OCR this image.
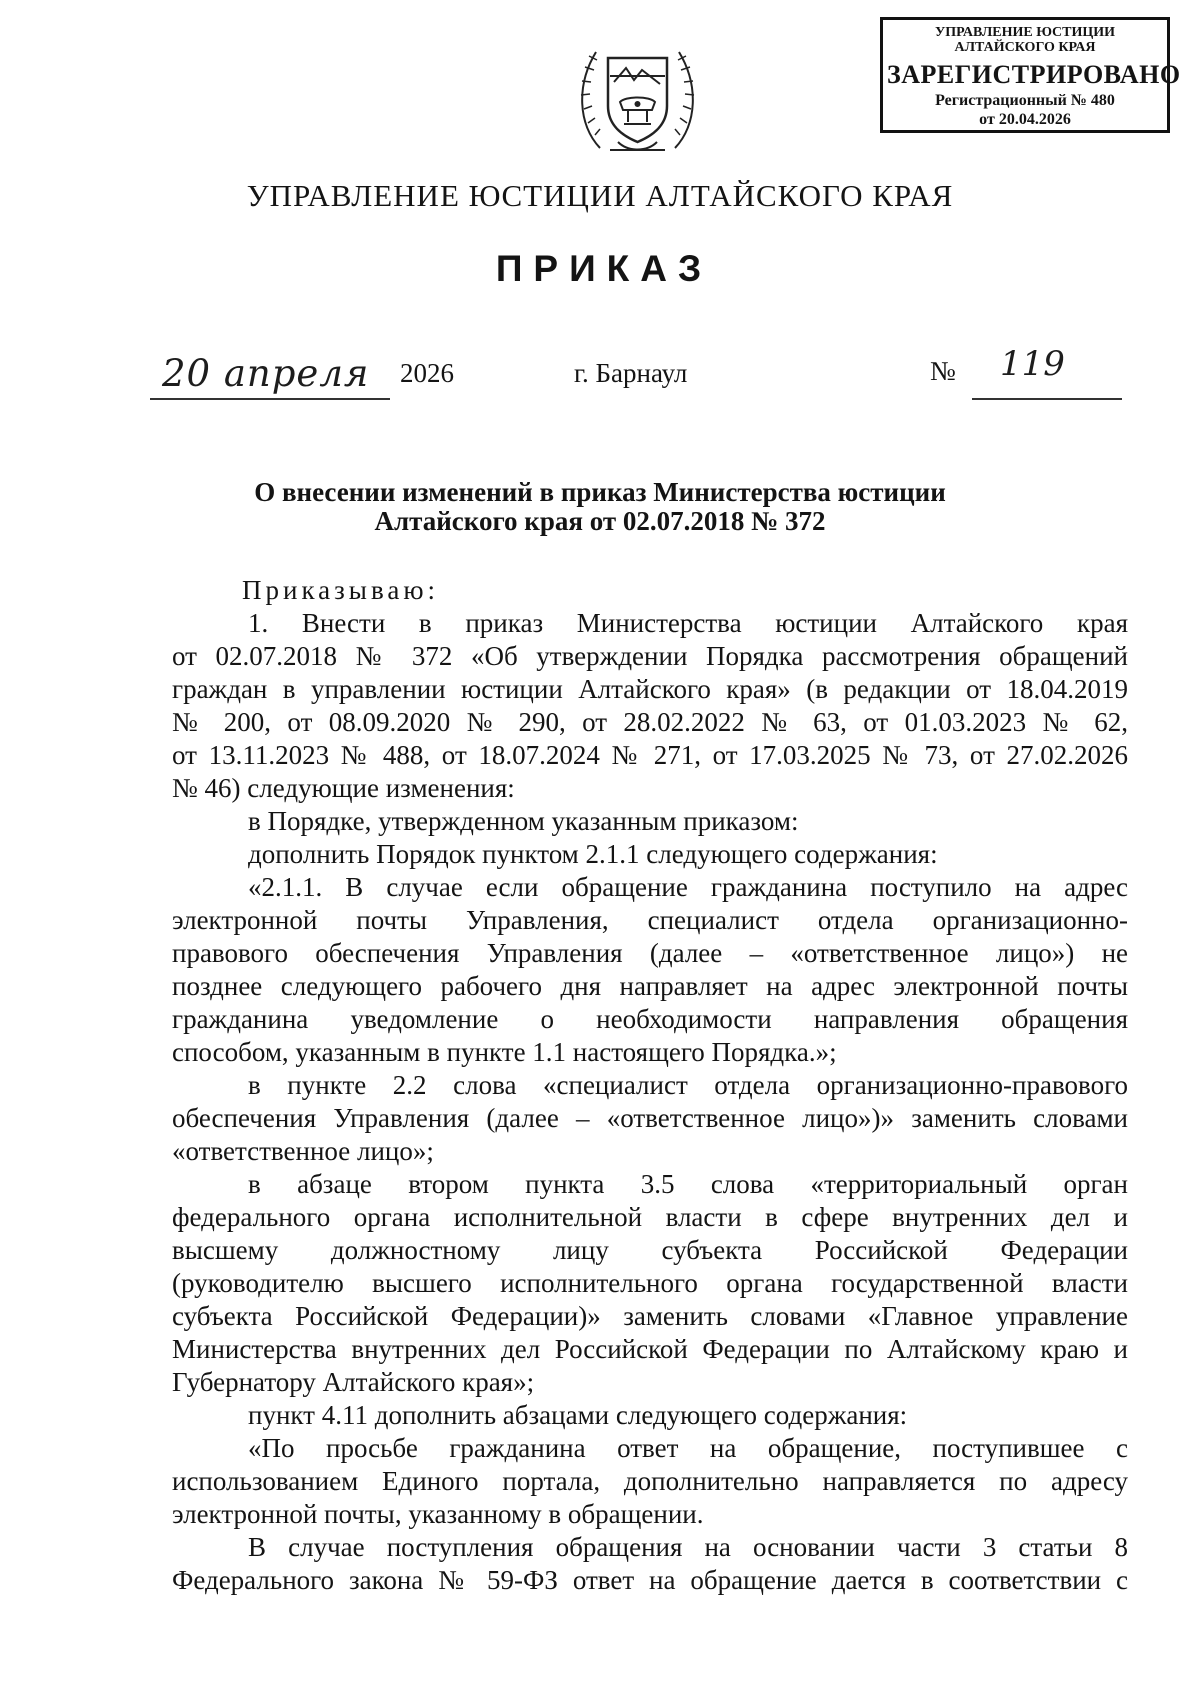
УПРАВЛЕНИЕ ЮСТИЦИИ
АЛТАЙСКОГО КРАЯ
ЗАРЕГИСТРИРОВАНО
Регистрационный № 480
от 20.04.2026
УПРАВЛЕНИЕ ЮСТИЦИИ АЛТАЙСКОГО КРАЯ
ПРИКАЗ
20 апреля 2026	г. Барнаул	№ 119
О внесении изменений в приказ Министерства юстиции
Алтайского края от 02.07.2018 № 372

Приказываю:

1. Внести в приказ Министерства юстиции Алтайского края

от 02.07.2018 № 372 «Об утверждении Порядка рассмотрения обращений

граждан в управлении юстиции Алтайского края» (в редакции от 18.04.2019

№ 200, от 08.09.2020 № 290, от 28.02.2022 № 63, от 01.03.2023 № 62,

от 13.11.2023 № 488, от 18.07.2024 № 271, от 17.03.2025 № 73, от 27.02.2026

№ 46) следующие изменения:

в Порядке, утвержденном указанным приказом:

дополнить Порядок пунктом 2.1.1 следующего содержания:

«2.1.1. В случае если обращение гражданина поступило на адрес

электронной почты Управления, специалист отдела организационно-

правового обеспечения Управления (далее – «ответственное лицо») не

позднее следующего рабочего дня направляет на адрес электронной почты

гражданина уведомление о необходимости направления обращения

способом, указанным в пункте 1.1 настоящего Порядка.»;

в пункте 2.2 слова «специалист отдела организационно-правового

обеспечения Управления (далее – «ответственное лицо»)» заменить словами

«ответственное лицо»;

в абзаце втором пункта 3.5 слова «территориальный орган

федерального органа исполнительной власти в сфере внутренних дел и

высшему должностному лицу субъекта Российской Федерации

(руководителю высшего исполнительного органа государственной власти

субъекта Российской Федерации)» заменить словами «Главное управление

Министерства внутренних дел Российской Федерации по Алтайскому краю и

Губернатору Алтайского края»;

пункт 4.11 дополнить абзацами следующего содержания:

«По просьбе гражданина ответ на обращение, поступившее с

использованием Единого портала, дополнительно направляется по адресу

электронной почты, указанному в обращении.

В случае поступления обращения на основании части 3 статьи 8

Федерального закона № 59-ФЗ ответ на обращение дается в соответствии с
